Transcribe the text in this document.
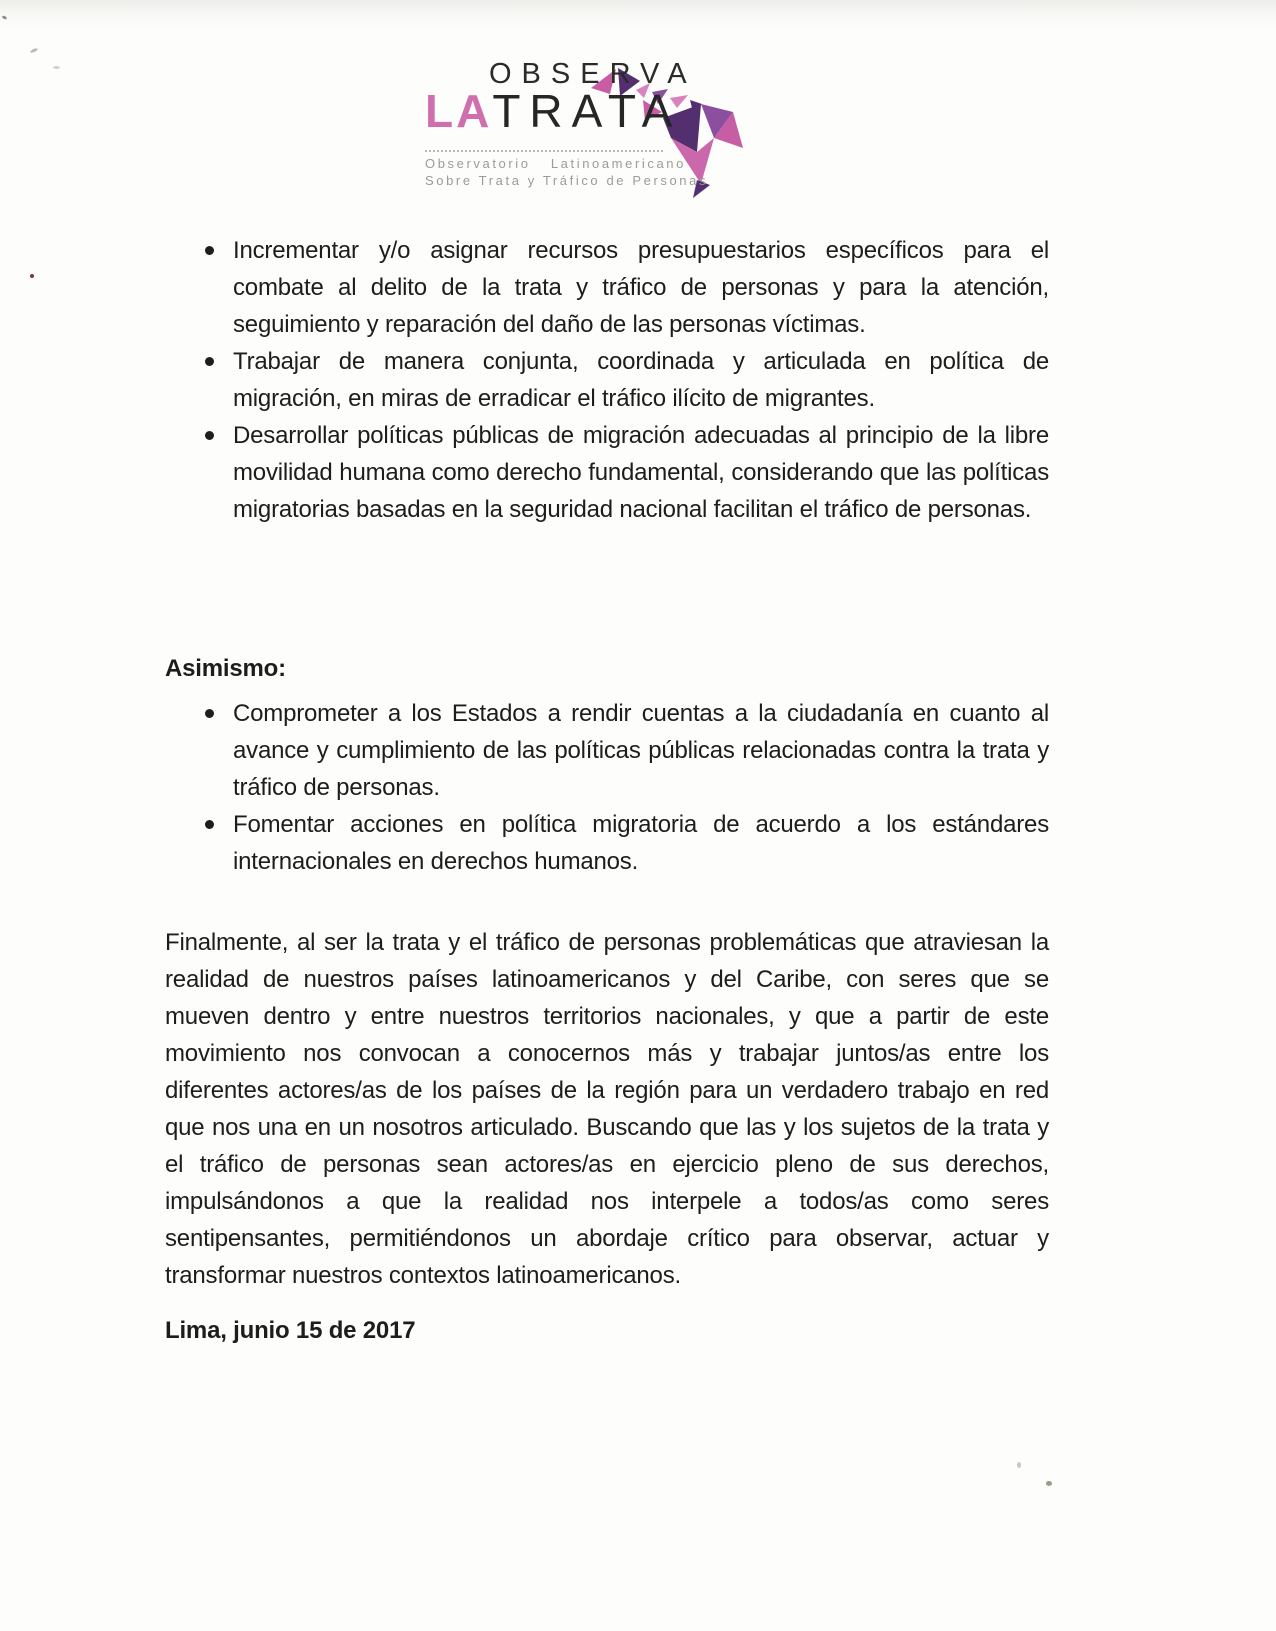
OBSERVA
LATRATA
Observatorio Latinoamericano
Sobre Trata y Tráfico de Personas
Incrementar y/o asignar recursos presupuestarios específicos para el combate al delito de la trata y tráfico de personas y para la atención, seguimiento y reparación del daño de las personas víctimas.
Trabajar de manera conjunta, coordinada y articulada en política de migración, en miras de erradicar el tráfico ilícito de migrantes.
Desarrollar políticas públicas de migración adecuadas al principio de la libre movilidad humana como derecho fundamental, considerando que las políticas migratorias basadas en la seguridad nacional facilitan el tráfico de personas.
Asimismo:
Comprometer a los Estados a rendir cuentas a la ciudadanía en cuanto al avance y cumplimiento de las políticas públicas relacionadas contra la trata y tráfico de personas.
Fomentar acciones en política migratoria de acuerdo a los estándares internacionales en derechos humanos.

Finalmente, al ser la trata y el tráfico de personas problemáticas que atraviesan la realidad de nuestros países latinoamericanos y del Caribe, con seres que se mueven dentro y entre nuestros territorios nacionales, y que a partir de este movimiento nos convocan a conocernos más y trabajar juntos/as entre los diferentes actores/as de los países de la región para un verdadero trabajo en red que nos una en un nosotros articulado. Buscando que las y los sujetos de la trata y el tráfico de personas sean actores/as en ejercicio pleno de sus derechos, impulsándonos a que la realidad nos interpele a todos/as como seres sentipensantes, permitiéndonos un abordaje crítico para observar, actuar y transformar nuestros contextos latinoamericanos.

Lima, junio 15 de 2017
